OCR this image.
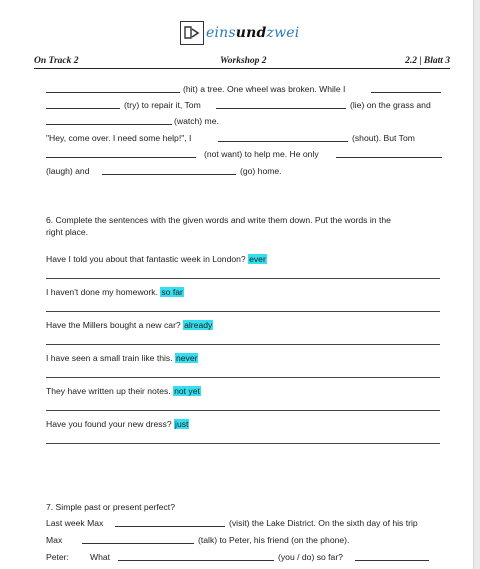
einsundzwei
On Track 2	Workshop 2	2.2 | Blatt 3
(hit) a tree. One wheel was broken. While I
(try) to repair it, Tom	(lie) on the grass and
(watch) me.
"Hey, come over. I need some help!", I	(shout). But Tom
(not want) to help me. He only
(laugh) and	(go) home.
6. Complete the sentences with the given words and write them down. Put the words in the
right place.
Have I told you about that fantastic week in London? ever
I haven't done my homework. so far
Have the Millers bought a new car? already
I have seen a small train like this. never
They have written up their notes. not yet
Have you found your new dress? just
7. Simple past or present perfect?
Last week Max	(visit) the Lake District. On the sixth day of his trip
Max	(talk) to Peter, his friend (on the phone).
Peter: What	(you / do) so far?
